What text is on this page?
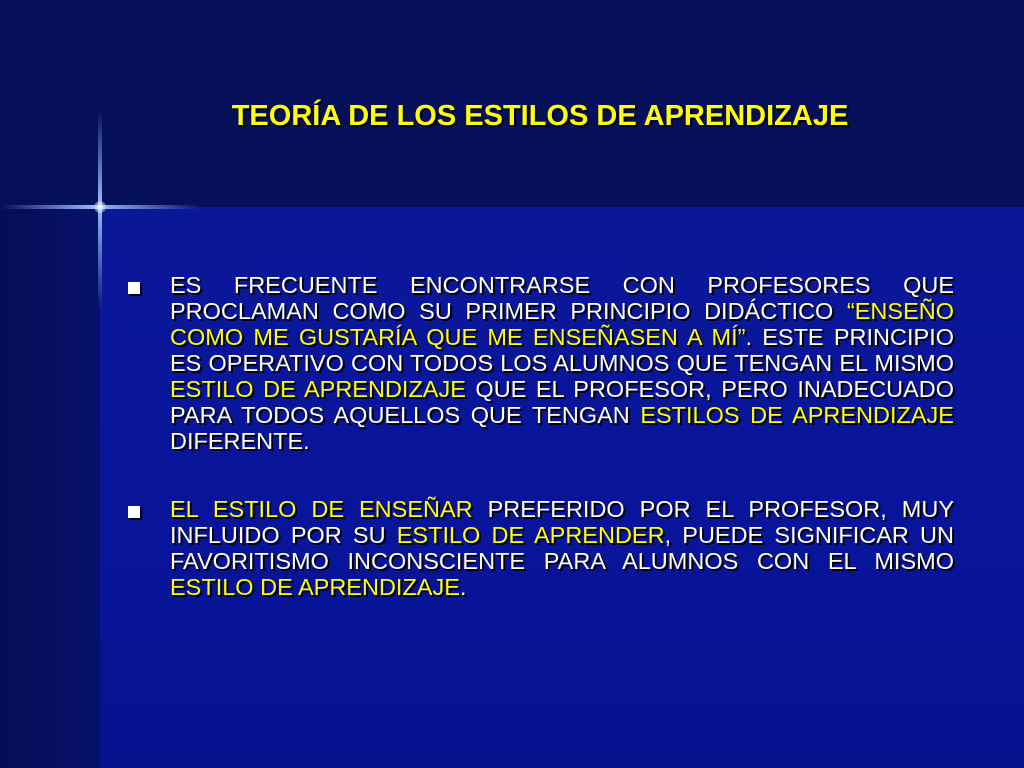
TEORÍA DE LOS ESTILOS DE APRENDIZAJE
ES FRECUENTE ENCONTRARSE CON PROFESORES QUE PROCLAMAN COMO SU PRIMER PRINCIPIO DIDÁCTICO “ENSEÑO COMO ME GUSTARÍA QUE ME ENSEÑASEN A MÍ”. ESTE PRINCIPIO ES OPERATIVO CON TODOS LOS ALUMNOS QUE TENGAN EL MISMO ESTILO DE APRENDIZAJE QUE EL PROFESOR, PERO INADECUADO PARA TODOS AQUELLOS QUE TENGAN ESTILOS DE APRENDIZAJE DIFERENTE.
EL ESTILO DE ENSEÑAR PREFERIDO POR EL PROFESOR, MUY INFLUIDO POR SU ESTILO DE APRENDER, PUEDE SIGNIFICAR UN FAVORITISMO INCONSCIENTE PARA ALUMNOS CON EL MISMO ESTILO DE APRENDIZAJE.
